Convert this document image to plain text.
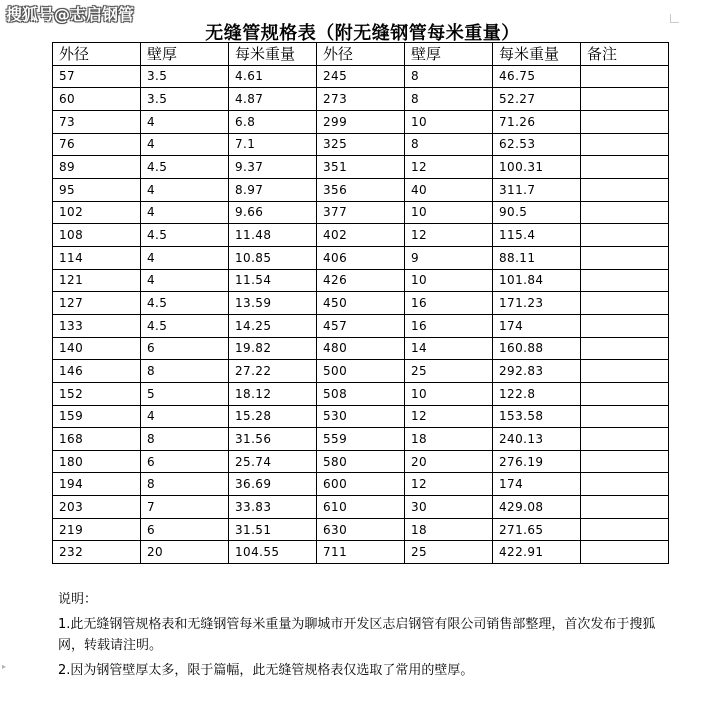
搜狐号@志启钢管
▸
无缝管规格表（附无缝钢管每米重量）
外径	壁厚	每米重量	外径	壁厚	每米重量	备注
57	3.5	4.61	245	8	46.75	
60	3.5	4.87	273	8	52.27	
73	4	6.8	299	10	71.26	
76	4	7.1	325	8	62.53	
89	4.5	9.37	351	12	100.31	
95	4	8.97	356	40	311.7	
102	4	9.66	377	10	90.5	
108	4.5	11.48	402	12	115.4	
114	4	10.85	406	9	88.11	
121	4	11.54	426	10	101.84	
127	4.5	13.59	450	16	171.23	
133	4.5	14.25	457	16	174	
140	6	19.82	480	14	160.88	
146	8	27.22	500	25	292.83	
152	5	18.12	508	10	122.8	
159	4	15.28	530	12	153.58	
168	8	31.56	559	18	240.13	
180	6	25.74	580	20	276.19	
194	8	36.69	600	12	174	
203	7	33.83	610	30	429.08	
219	6	31.51	630	18	271.65	
232	20	104.55	711	25	422.91	

说明：

1.此无缝钢管规格表和无缝钢管每米重量为聊城市开发区志启钢管有限公司销售部整理，首次发布于搜狐网，转载请注明。

2.因为钢管壁厚太多，限于篇幅，此无缝管规格表仅选取了常用的壁厚。
